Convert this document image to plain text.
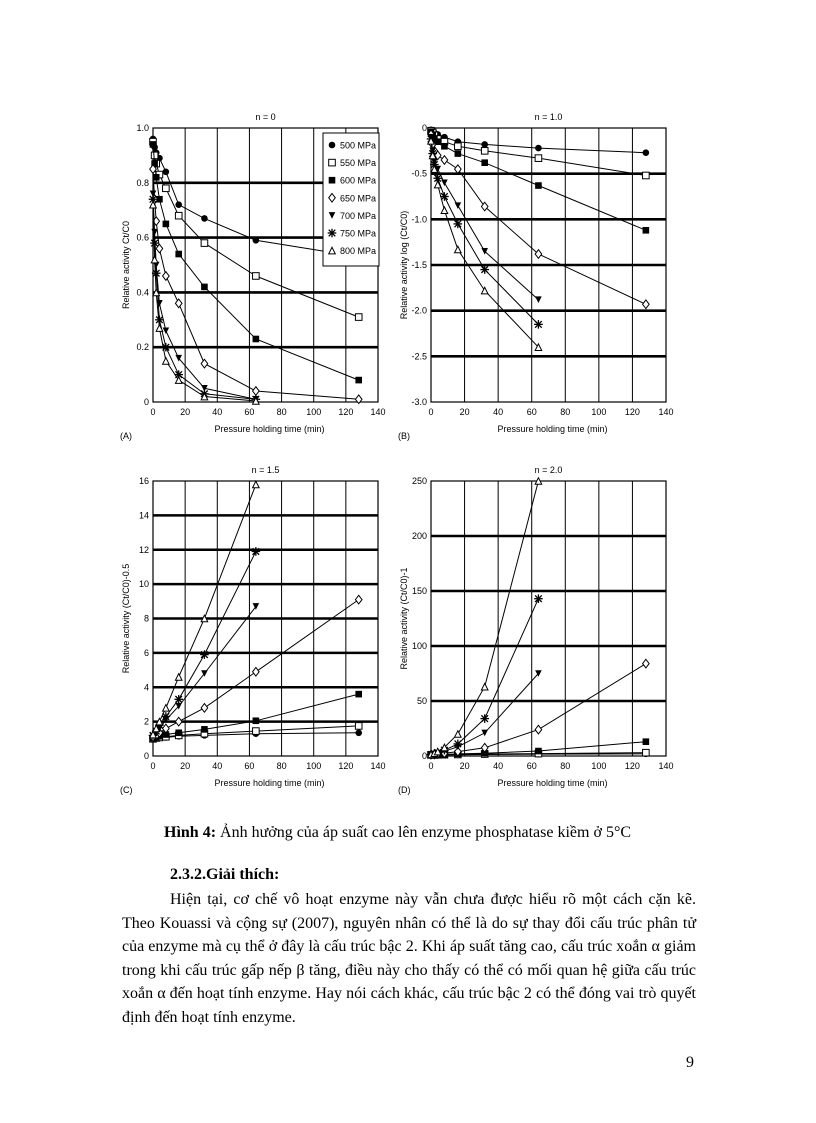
0
0.2
0.4
0.6
0.8
1.0
0	20 40 60 80 100 120 140
n = 0
Pressure holding time (min)
Relative activity Ct/C0
(A)
500 MPa
550 MPa
600 MPa
650 MPa
700 MPa
750 MPa
800 MPa
-3.0
-2.5
-2.0
-1.5
-1.0
-0.5
0
0	20	40	60	80 100 120 140
n = 1.0
Pressure holding time (min)
Relative activity log (Ct/C0)
(B)
0
2
4
6
8
10
12
14
16
0	20 40 60 80 100 120 140
n = 1.5
Pressure holding time (min)
Relative activity (Ct/C0)-0.5
(C)
0
50
100
150
200
250
0	20	40	60	80 100 120 140
n = 2.0
Pressure holding time (min)
Relative activity (Ct/C0)-1
(D)
Hình 4: Ảnh hưởng của áp suất cao lên enzyme phosphatase kiềm ở 5°C
2.3.2.Giải thích:

Hiện tại, cơ chế vô hoạt enzyme này vẫn chưa được hiểu rõ một cách cặn kẽ. Theo Kouassi và cộng sự (2007), nguyên nhân có thể là do sự thay đổi cấu trúc phân tử của enzyme mà cụ thể ở đây là cấu trúc bậc 2. Khi áp suất tăng cao, cấu trúc xoắn α giảm trong khi cấu trúc gấp nếp β tăng, điều này cho thấy có thể có mối quan hệ giữa cấu trúc xoắn α đến hoạt tính enzyme. Hay nói cách khác, cấu trúc bậc 2 có thể đóng vai trò quyết định đến hoạt tính enzyme.

9
